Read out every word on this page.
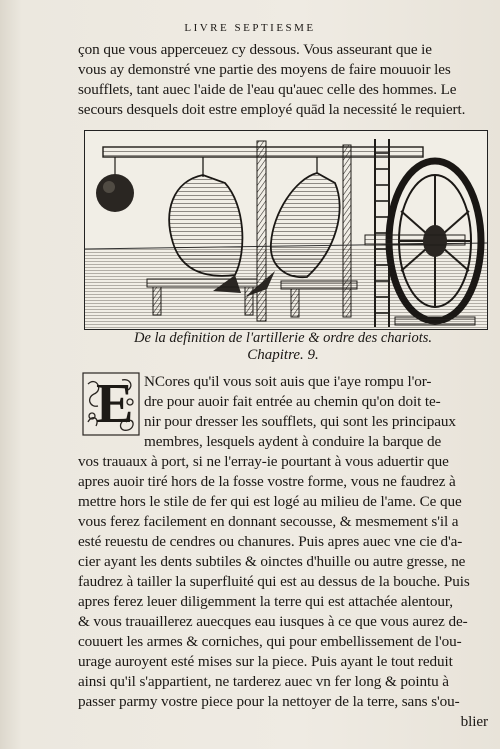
LIVRE SEPTIESME
çon que vous apperceuez cy dessous. Vous asseurant que ie
vous ay demonstré vne partie des moyens de faire mouuoir les
soufflets, tant auec l'aide de l'eau qu'auec celle des hommes. Le
secours desquels doit estre employé quād la necessité le requiert.
De la definition de l'artillerie & ordre des chariots.
Chapitre. 9.
E NCores qu'il vous soit auis que i'aye rompu l'or-
dre pour auoir fait entrée au chemin qu'on doit te-
nir pour dresser les soufflets, qui sont les principaux
membres, lesquels aydent à conduire la barque de
vos trauaux à port, si ne l'erray-ie pourtant à vous aduertir que
apres auoir tiré hors de la fosse vostre forme, vous ne faudrez à
mettre hors le stile de fer qui est logé au milieu de l'ame. Ce que
vous ferez facilement en donnant secousse, & mesmement s'il a
esté reuestu de cendres ou chanures. Puis apres auec vne cie d'a-
cier ayant les dents subtiles & oinctes d'huille ou autre gresse, ne
faudrez à tailler la superfluité qui est au dessus de la bouche. Puis
apres ferez leuer diligemment la terre qui est attachée alentour,
& vous trauaillerez auecques eau iusques à ce que vous aurez de-
couuert les armes & corniches, qui pour embellissement de l'ou-
urage auroyent esté mises sur la piece. Puis ayant le tout reduit
ainsi qu'il s'appartient, ne tarderez auec vn fer long & pointu à
passer parmy vostre piece pour la nettoyer de la terre, sans s'ou-
blier
